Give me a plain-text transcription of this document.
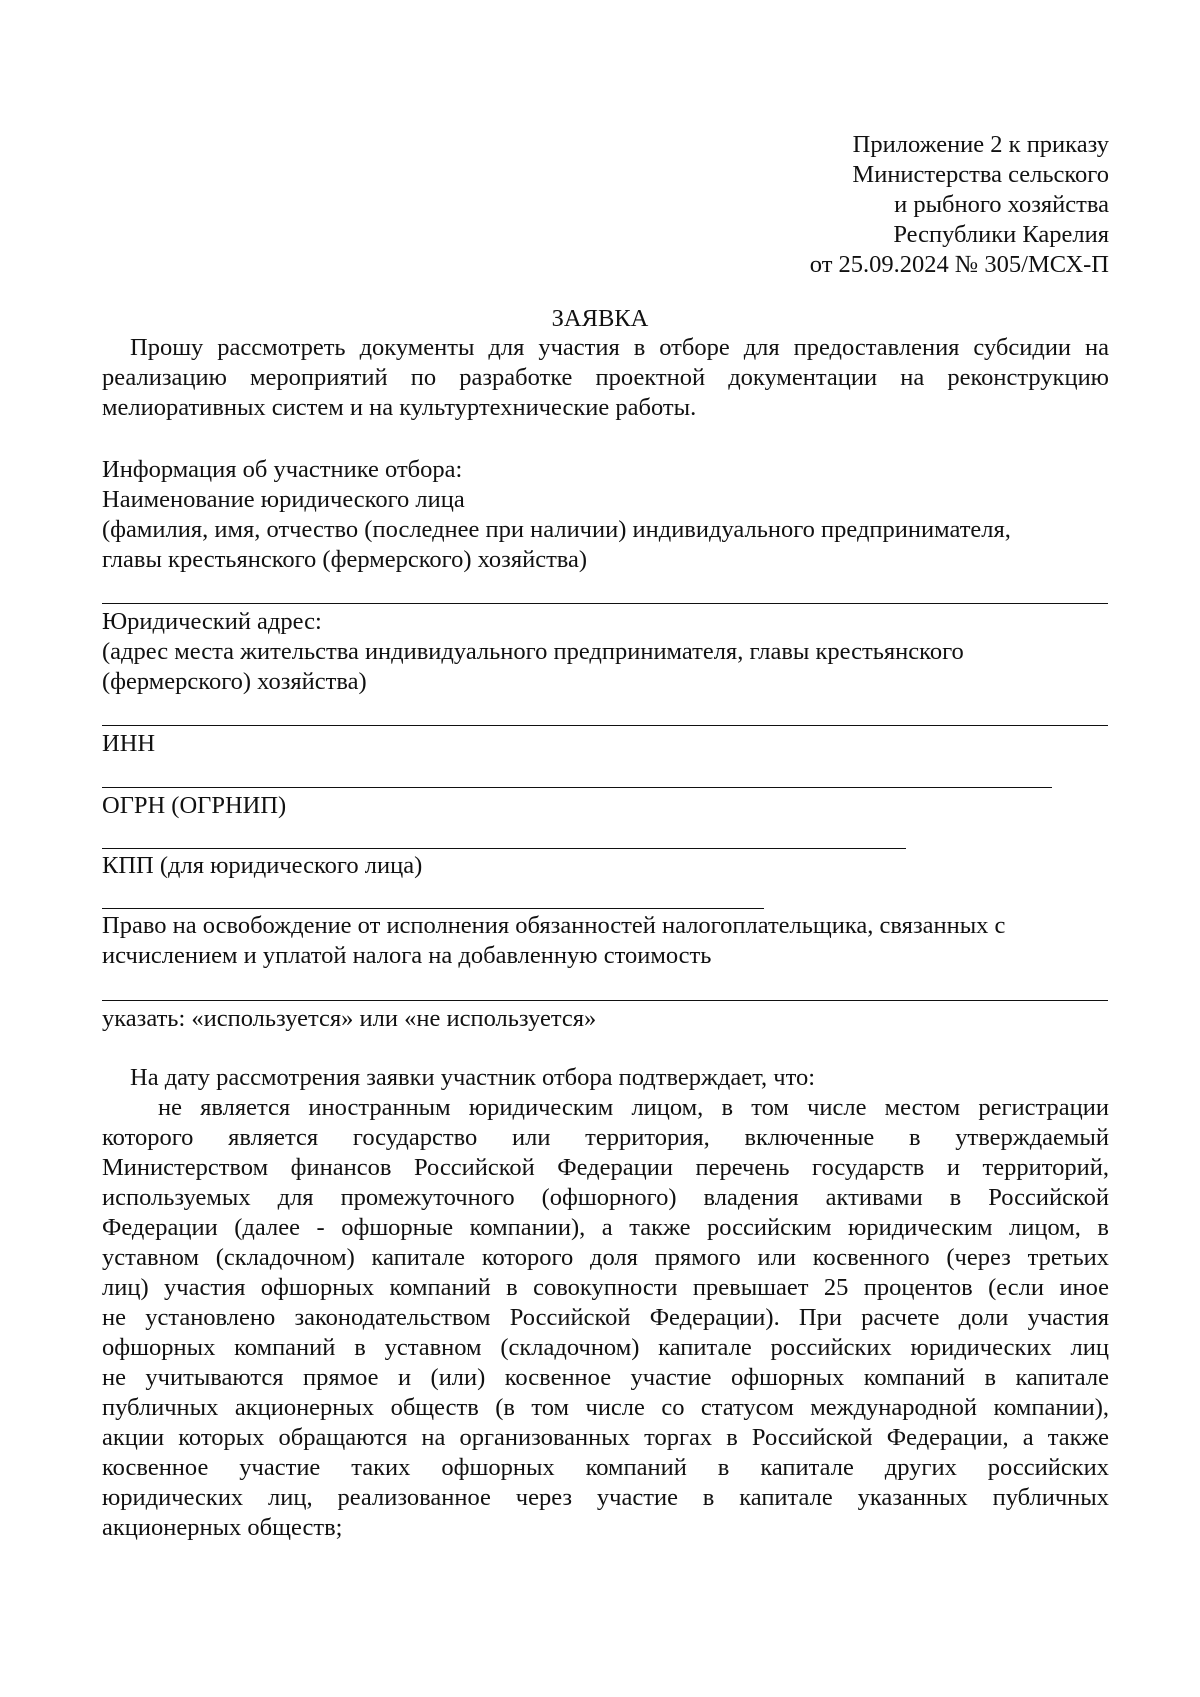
Приложение 2 к приказу
Министерства сельского
и рыбного хозяйства
Республики Карелия
от 25.09.2024 № 305/МСХ-П
ЗАЯВКА
Прошу рассмотреть документы для участия в отборе для предоставления субсидии на
реализацию мероприятий по разработке проектной документации на реконструкцию
мелиоративных систем и на культуртехнические работы.
Информация об участнике отбора:
Наименование юридического лица
(фамилия, имя, отчество (последнее при наличии) индивидуального предпринимателя,
главы крестьянского (фермерского) хозяйства)
Юридический адрес:
(адрес места жительства индивидуального предпринимателя, главы крестьянского
(фермерского) хозяйства)
ИНН
ОГРН (ОГРНИП)
КПП (для юридического лица)
Право на освобождение от исполнения обязанностей налогоплательщика, связанных с
исчислением и уплатой налога на добавленную стоимость
указать: «используется» или «не используется»
На дату рассмотрения заявки участник отбора подтверждает, что:
не является иностранным юридическим лицом, в том числе местом регистрации
которого является государство или территория, включенные в утверждаемый
Министерством финансов Российской Федерации перечень государств и территорий,
используемых для промежуточного (офшорного) владения активами в Российской
Федерации (далее - офшорные компании), а также российским юридическим лицом, в
уставном (складочном) капитале которого доля прямого или косвенного (через третьих
лиц) участия офшорных компаний в совокупности превышает 25 процентов (если иное
не установлено законодательством Российской Федерации). При расчете доли участия
офшорных компаний в уставном (складочном) капитале российских юридических лиц
не учитываются прямое и (или) косвенное участие офшорных компаний в капитале
публичных акционерных обществ (в том числе со статусом международной компании),
акции которых обращаются на организованных торгах в Российской Федерации, а также
косвенное участие таких офшорных компаний в капитале других российских
юридических лиц, реализованное через участие в капитале указанных публичных
акционерных обществ;
